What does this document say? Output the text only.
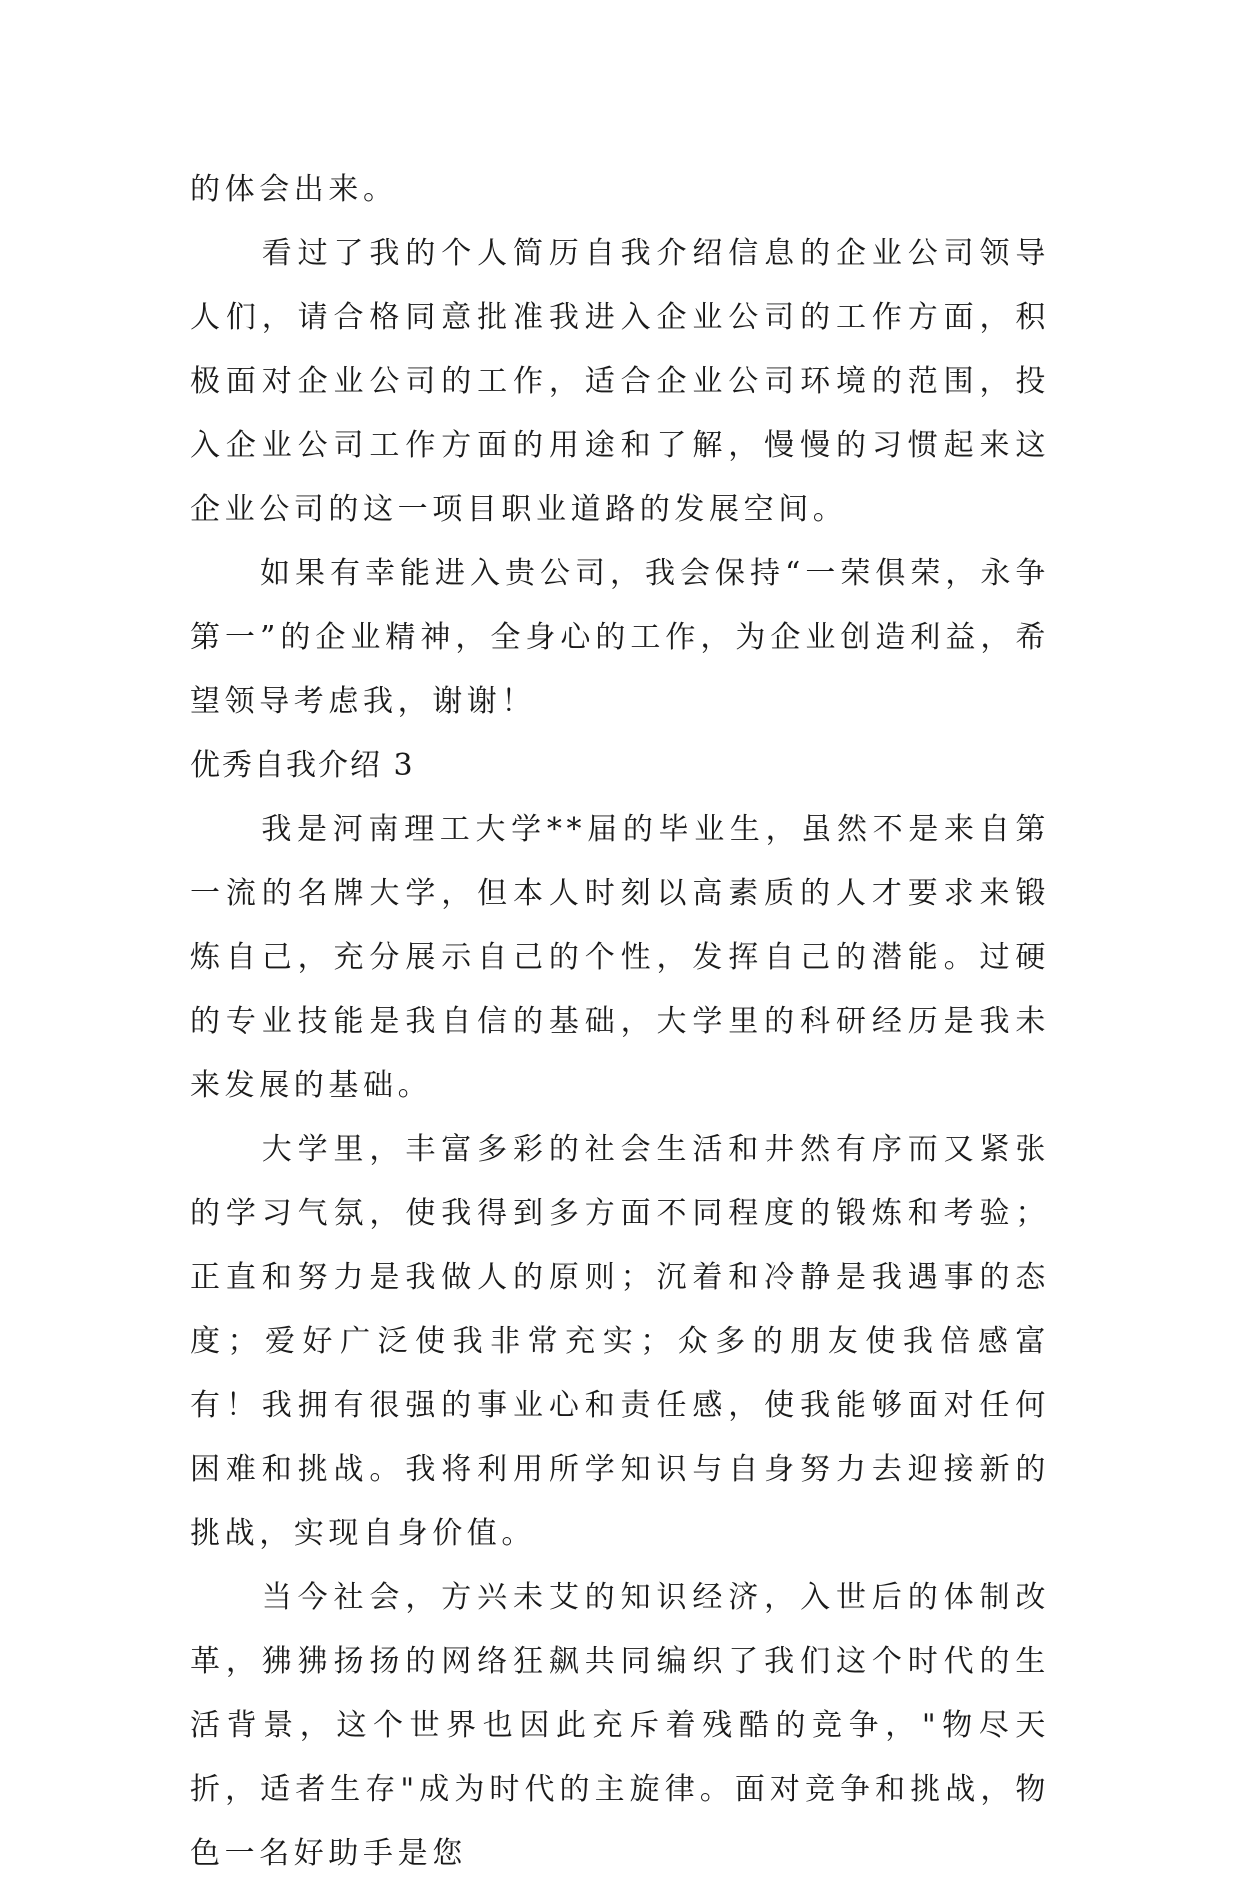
的体会出来。

　　看过了我的个人简历自我介绍信息的企业公司领导人们，请合格同意批准我进入企业公司的工作方面，积极面对企业公司的工作，适合企业公司环境的范围，投入企业公司工作方面的用途和了解，慢慢的习惯起来这企业公司的这一项目职业道路的发展空间。

　　如果有幸能进入贵公司，我会保持“一荣俱荣，永争第一”的企业精神，全身心的工作，为企业创造利益，希望领导考虑我，谢谢！

优秀自我介绍 3

　　我是河南理工大学**届的毕业生，虽然不是来自第一流的名牌大学，但本人时刻以高素质的人才要求来锻炼自己，充分展示自己的个性，发挥自己的潜能。过硬的专业技能是我自信的基础，大学里的科研经历是我未来发展的基础。

　　大学里，丰富多彩的社会生活和井然有序而又紧张的学习气氛，使我得到多方面不同程度的锻炼和考验；正直和努力是我做人的原则；沉着和冷静是我遇事的态度；爱好广泛使我非常充实；众多的朋友使我倍感富有！我拥有很强的事业心和责任感，使我能够面对任何困难和挑战。我将利用所学知识与自身努力去迎接新的挑战，实现自身价值。

　　当今社会，方兴未艾的知识经济，入世后的体制改革，狒狒扬扬的网络狂飙共同编织了我们这个时代的生活背景，这个世界也因此充斥着残酷的竞争，"物尽天折，适者生存"成为时代的主旋律。面对竞争和挑战，物色一名好助手是您
